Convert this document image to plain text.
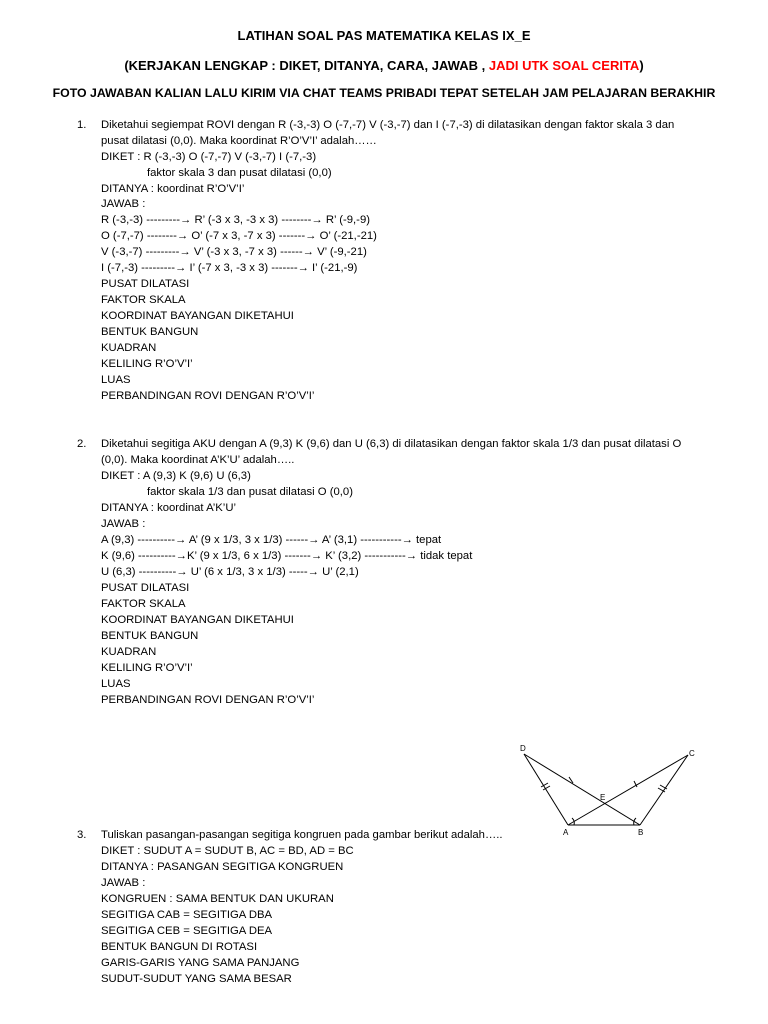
LATIHAN SOAL PAS MATEMATIKA KELAS IX_E
(KERJAKAN LENGKAP : DIKET, DITANYA, CARA, JAWAB , JADI UTK SOAL CERITA)
FOTO JAWABAN KALIAN LALU KIRIM VIA CHAT TEAMS PRIBADI TEPAT SETELAH JAM PELAJARAN BERAKHIR
1. Diketahui segiempat ROVI dengan R (-3,-3) O (-7,-7) V (-3,-7) dan I (-7,-3) di dilatasikan dengan faktor skala 3 dan
pusat dilatasi (0,0). Maka koordinat R’O’V’I’ adalah……
DIKET : R (-3,-3) O (-7,-7) V (-3,-7) I (-7,-3)
faktor skala 3 dan pusat dilatasi (0,0)
DITANYA : koordinat R’O’V’I’
JAWAB :
R (-3,-3) ---------→ R’ (-3 x 3, -3 x 3) --------→ R’ (-9,-9)
O (-7,-7) --------→ O’ (-7 x 3, -7 x 3) -------→ O’ (-21,-21)
V (-3,-7) ---------→ V’ (-3 x 3, -7 x 3) ------→ V’ (-9,-21)
I (-7,-3) ---------→ I’ (-7 x 3, -3 x 3) -------→ I’ (-21,-9)
PUSAT DILATASI
FAKTOR SKALA
KOORDINAT BAYANGAN DIKETAHUI
BENTUK BANGUN
KUADRAN
KELILING R’O’V’I’
LUAS
PERBANDINGAN ROVI DENGAN R’O’V’I’
2. Diketahui segitiga AKU dengan A (9,3) K (9,6) dan U (6,3) di dilatasikan dengan faktor skala 1/3 dan pusat dilatasi O
(0,0). Maka koordinat A’K’U’ adalah…..
DIKET : A (9,3) K (9,6) U (6,3)
faktor skala 1/3 dan pusat dilatasi O (0,0)
DITANYA : koordinat A’K’U’
JAWAB :
A (9,3) ----------→ A’ (9 x 1/3, 3 x 1/3) ------→ A’ (3,1) -----------→ tepat
K (9,6) ----------→K’ (9 x 1/3, 6 x 1/3) -------→ K’ (3,2) -----------→ tidak tepat
U (6,3) ----------→ U’ (6 x 1/3, 3 x 1/3) -----→ U’ (2,1)
PUSAT DILATASI
FAKTOR SKALA
KOORDINAT BAYANGAN DIKETAHUI
BENTUK BANGUN
KUADRAN
KELILING R’O’V’I’
LUAS
PERBANDINGAN ROVI DENGAN R’O’V’I’
D
C
E
A	B
3. Tuliskan pasangan-pasangan segitiga kongruen pada gambar berikut adalah…..
DIKET : SUDUT A = SUDUT B, AC = BD, AD = BC
DITANYA : PASANGAN SEGITIGA KONGRUEN
JAWAB :
KONGRUEN : SAMA BENTUK DAN UKURAN
SEGITIGA CAB = SEGITIGA DBA
SEGITIGA CEB = SEGITIGA DEA
BENTUK BANGUN DI ROTASI
GARIS-GARIS YANG SAMA PANJANG
SUDUT-SUDUT YANG SAMA BESAR
